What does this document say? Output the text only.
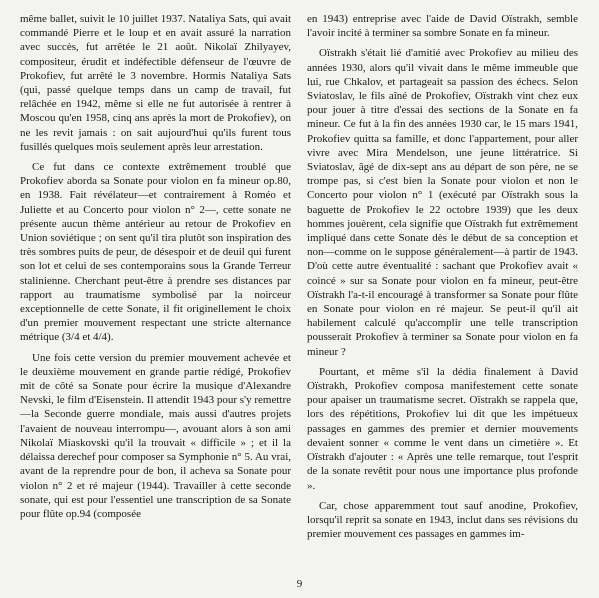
même ballet, suivit le 10 juillet 1937. Nataliya Sats, qui avait commandé Pierre et le loup et en avait assuré la narration avec succès, fut arrêtée le 21 août. Nikolaï Zhilyayev, compositeur, érudit et indéfectible défenseur de l'œuvre de Prokofiev, fut arrêté le 3 novembre. Hormis Nataliya Sats (qui, passé quelque temps dans un camp de travail, fut relâchée en 1942, même si elle ne fut autorisée à rentrer à Moscou qu'en 1958, cinq ans après la mort de Prokofiev), on ne les revit jamais : on sait aujourd'hui qu'ils furent tous fusillés quelques mois seulement après leur arrestation.

Ce fut dans ce contexte extrêmement troublé que Prokofiev aborda sa Sonate pour violon en fa mineur op.80, en 1938. Fait révélateur—et contrairement à Roméo et Juliette et au Concerto pour violon n° 2—, cette sonate ne présente aucun thème antérieur au retour de Prokofiev en Union soviétique ; on sent qu'il tira plutôt son inspiration des très sombres puits de peur, de désespoir et de deuil qui furent son lot et celui de ses contemporains sous la Grande Terreur stalinienne. Cherchant peut-être à prendre ses distances par rapport au traumatisme symbolisé par la noirceur exceptionnelle de cette Sonate, il fit originellement le choix d'un premier mouvement respectant une stricte alternance métrique (3/4 et 4/4).

Une fois cette version du premier mouvement achevée et le deuxième mouvement en grande partie rédigé, Prokofiev mit de côté sa Sonate pour écrire la musique d'Alexandre Nevski, le film d'Eisenstein. Il attendit 1943 pour s'y remettre—la Seconde guerre mondiale, mais aussi d'autres projets l'avaient de nouveau interrompu—, avouant alors à son ami Nikolaï Miaskovski qu'il la trouvait « difficile » ; et il la délaissa derechef pour composer sa Symphonie n° 5. Au vrai, avant de la reprendre pour de bon, il acheva sa Sonate pour violon n° 2 et ré majeur (1944). Travailler à cette seconde sonate, qui est pour l'essentiel une transcription de sa Sonate pour flûte op.94 (composée

en 1943) entreprise avec l'aide de David Oïstrakh, semble l'avoir incité à terminer sa sombre Sonate en fa mineur.

Oïstrakh s'était lié d'amitié avec Prokofiev au milieu des années 1930, alors qu'il vivait dans le même immeuble que lui, rue Chkalov, et partageait sa passion des échecs. Selon Sviatoslav, le fils aîné de Prokofiev, Oïstrakh vint chez eux pour jouer à titre d'essai des sections de la Sonate en fa mineur. Ce fut à la fin des années 1930 car, le 15 mars 1941, Prokofiev quitta sa famille, et donc l'appartement, pour aller vivre avec Mira Mendelson, une jeune littératrice. Si Sviatoslav, âgé de dix-sept ans au départ de son père, ne se trompe pas, si c'est bien la Sonate pour violon et non le Concerto pour violon n° 1 (exécuté par Oïstrakh sous la baguette de Prokofiev le 22 octobre 1939) que les deux hommes jouèrent, cela signifie que Oïstrakh fut extrêmement impliqué dans cette Sonate dès le début de sa conception et non—comme on le suppose généralement—à partir de 1943. D'où cette autre éventualité : sachant que Prokofiev avait « coincé » sur sa Sonate pour violon en fa mineur, peut-être Oïstrakh l'a-t-il encouragé à transformer sa Sonate pour flûte en Sonate pour violon en ré majeur. Se peut-il qu'il ait habilement calculé qu'accomplir une telle transcription pousserait Prokofiev à terminer sa Sonate pour violon en fa mineur ?

Pourtant, et même s'il la dédia finalement à David Oïstrakh, Prokofiev composa manifestement cette sonate pour apaiser un traumatisme secret. Oïstrakh se rappela que, lors des répétitions, Prokofiev lui dit que les impétueux passages en gammes des premier et dernier mouvements devaient sonner « comme le vent dans un cimetière ». Et Oïstrakh d'ajouter : « Après une telle remarque, tout l'esprit de la sonate revêtit pour nous une importance plus profonde ».

Car, chose apparemment tout sauf anodine, Prokofiev, lorsqu'il reprit sa sonate en 1943, inclut dans ses révisions du premier mouvement ces passages en gammes im-

9
